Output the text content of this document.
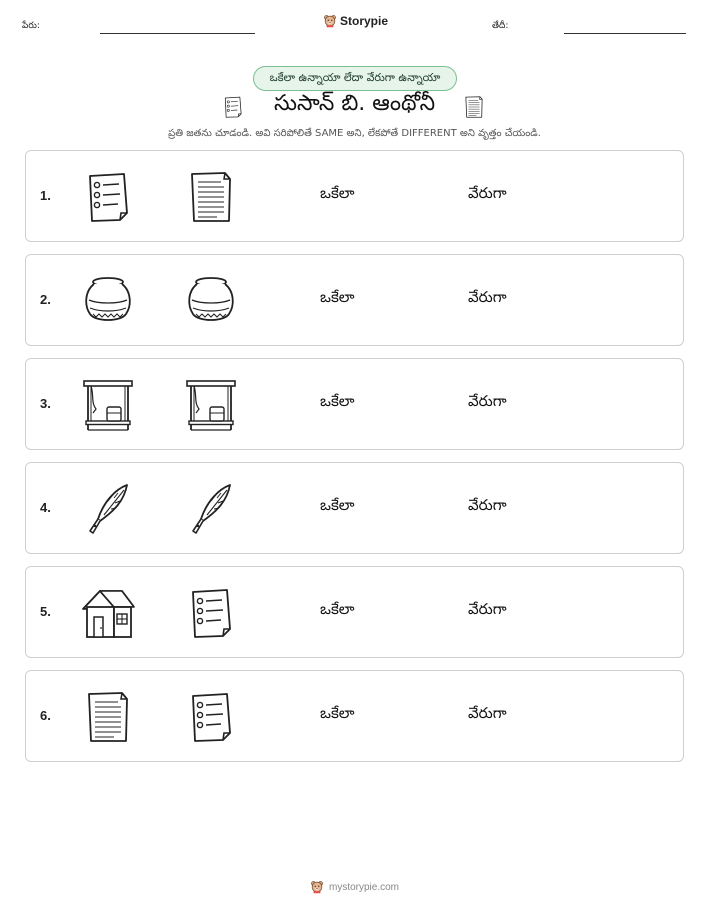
పేరు:	Storypie	తేదీ:
ఒకేలా ఉన్నాయా లేదా వేరుగా ఉన్నాయా
సుసాన్ బి. ఆంథోనీ
ప్రతి జతను చూడండి. అవి సరిపోలితే SAME అని, లేకపోతే DIFFERENT అని వృత్తం చేయండి.
1.	ఒకేలా	వేరుగా
2.	ఒకేలా	వేరుగా
3.	ఒకేలా	వేరుగా
4.	ఒకేలా	వేరుగా
5.	ఒకేలా	వేరుగా
6.	ఒకేలా	వేరుగా
mystorypie.com
